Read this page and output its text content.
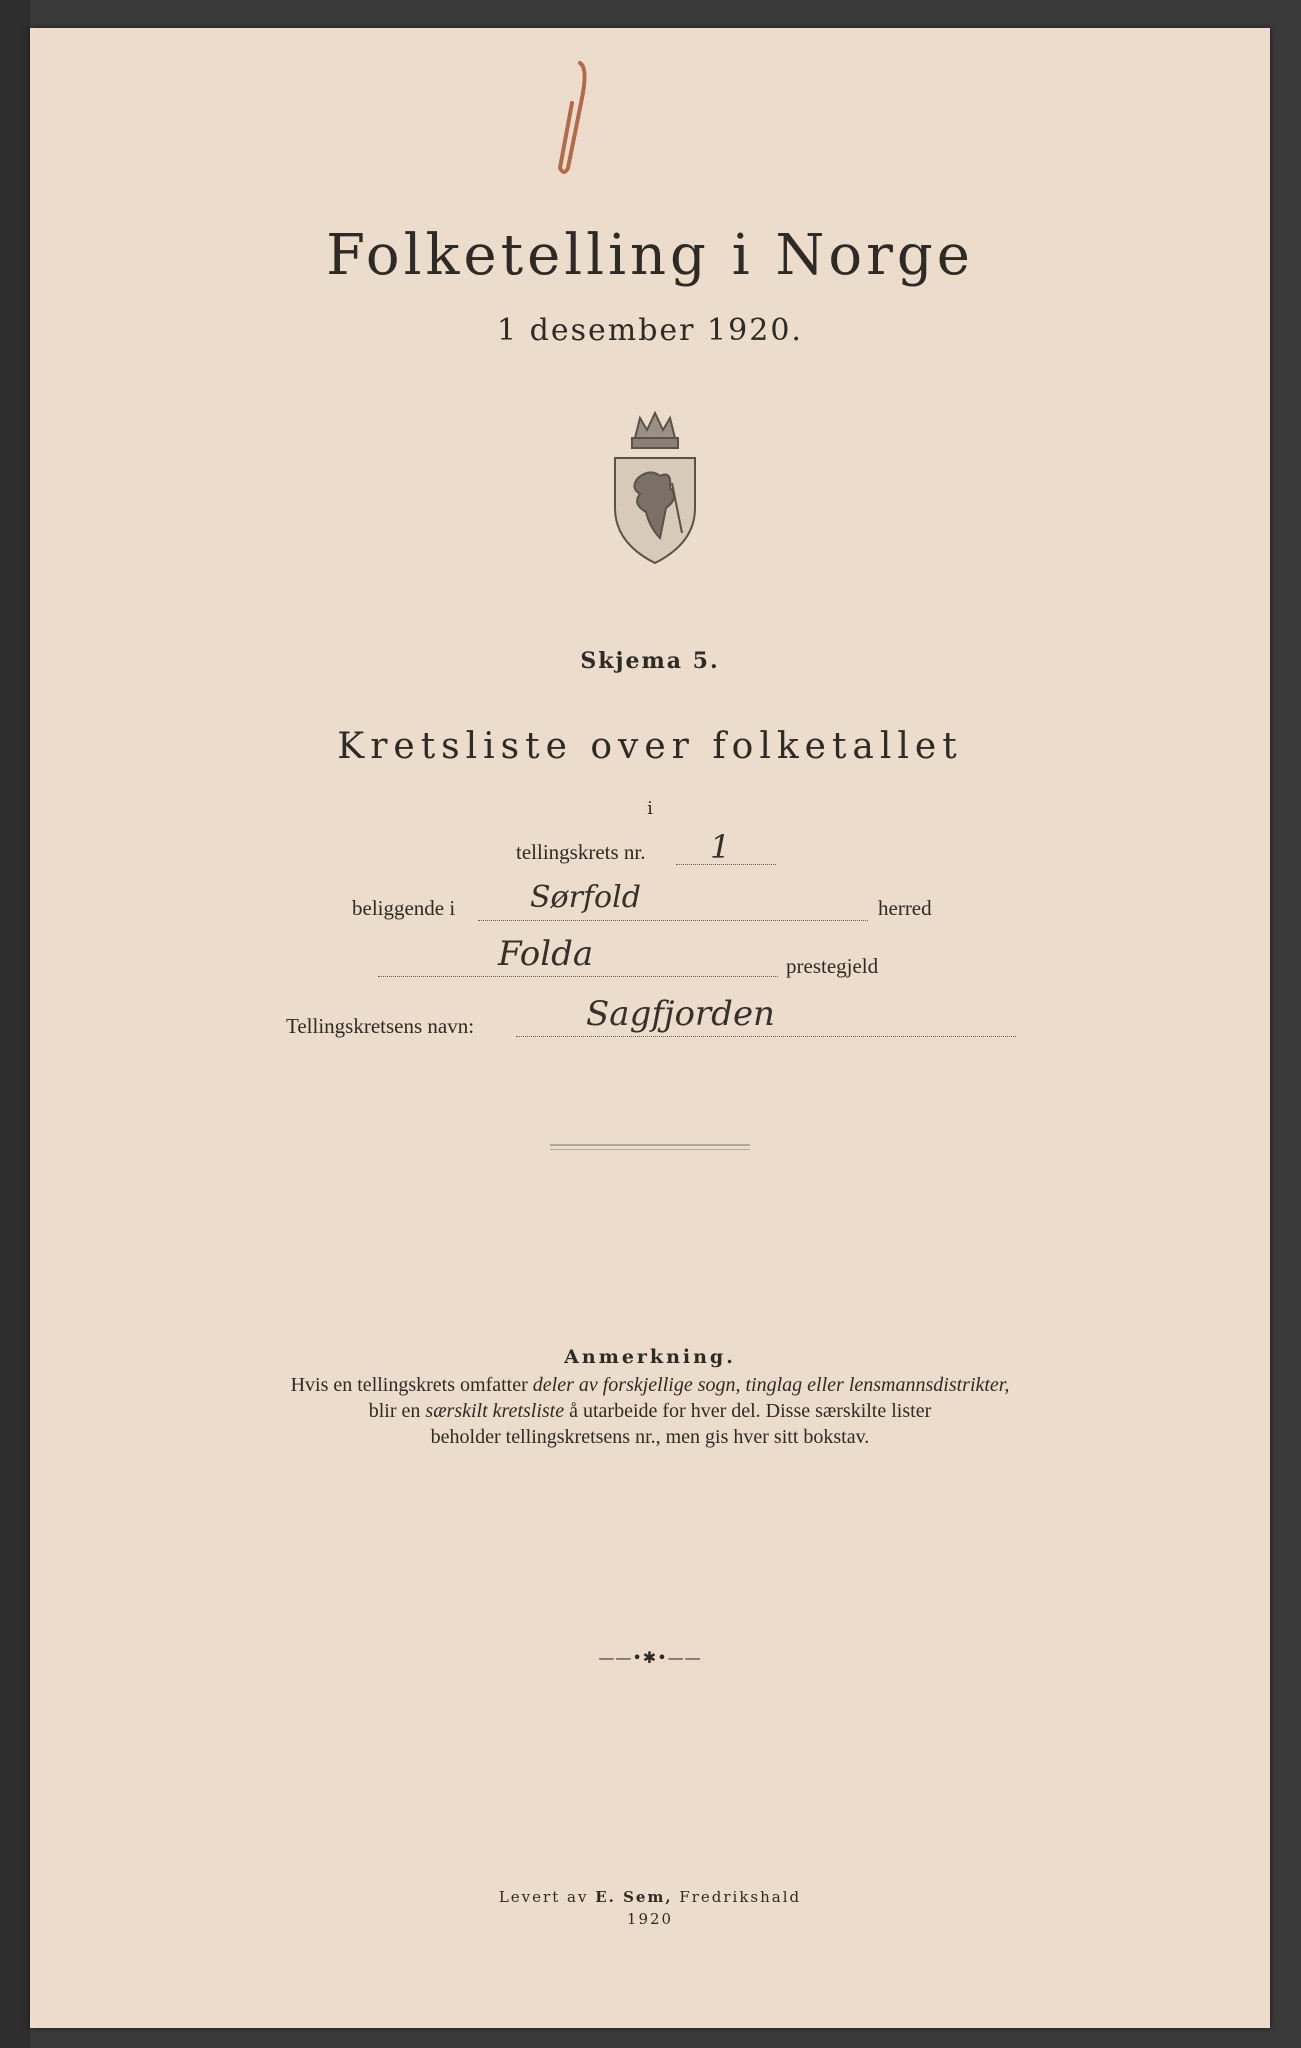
Folketelling i Norge
1 desember 1920.
Skjema 5.
Kretsliste over folketallet
i
tellingskrets nr. 1
beliggende i Sørfold	herred
Folda	prestegjeld
Tellingskretsens navn:	Sagfjorden
Anmerkning.
Hvis en tellingskrets omfatter deler av forskjellige sogn, tinglag eller lensmannsdistrikter,
blir en særskilt kretsliste å utarbeide for hver del. Disse særskilte lister
beholder tellingskretsens nr., men gis hver sitt bokstav.
——•✱•——
Levert av E. Sem, Fredrikshald
1920
